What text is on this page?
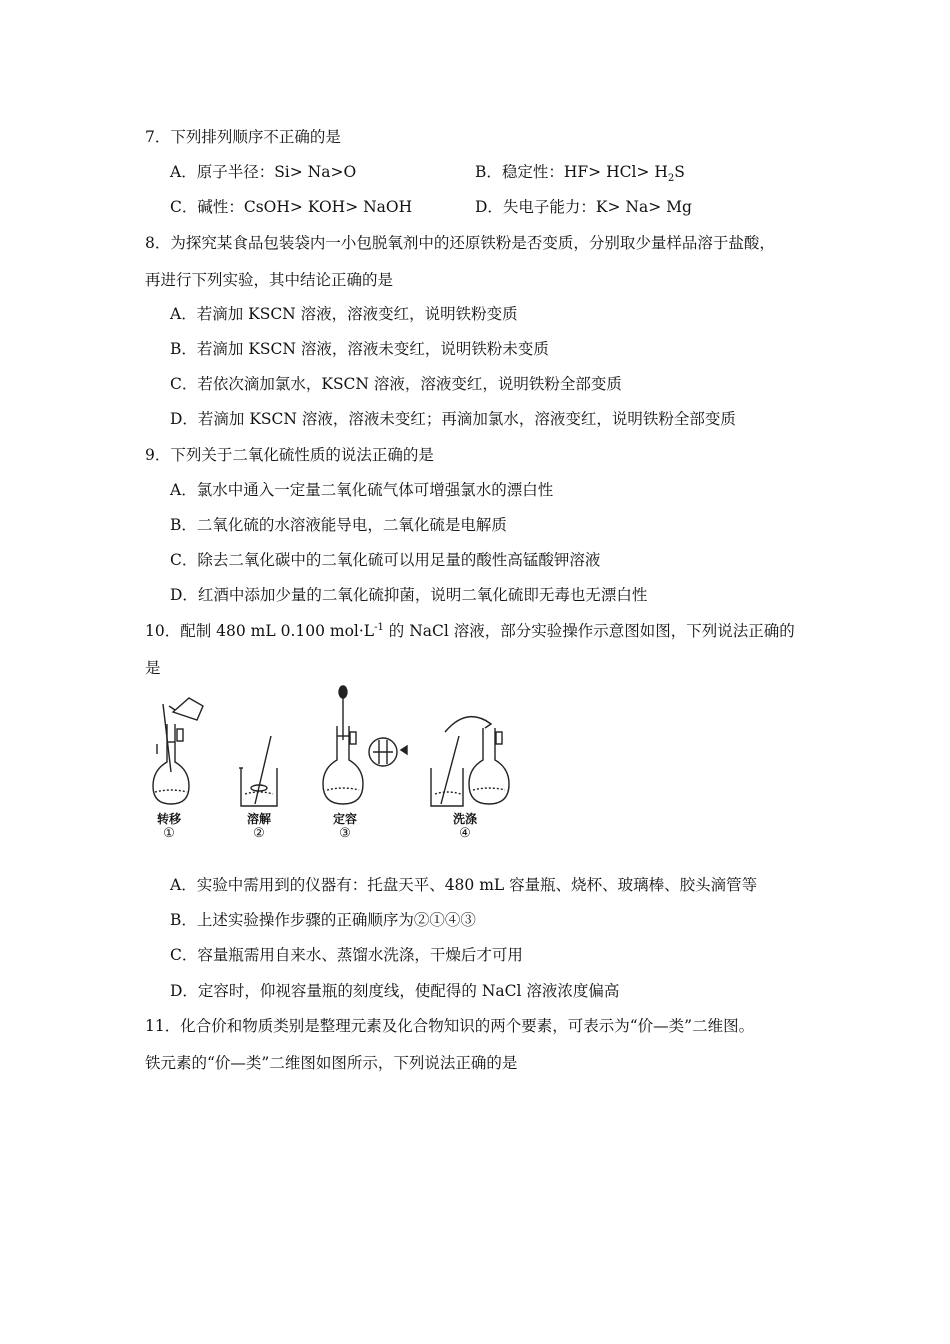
7．下列排列顺序不正确的是
A．原子半径：Si> Na>O	B．稳定性：$HF> HCl> H_2S$
C．碱性：CsOH> KOH> NaOH	D．失电子能力：K> Na> Mg
8．为探究某食品包装袋内一小包脱氧剂中的还原铁粉是否变质，分别取少量样品溶于盐酸，
再进行下列实验，其中结论正确的是
A．若滴加 KSCN 溶液，溶液变红，说明铁粉变质
B．若滴加 KSCN 溶液，溶液未变红，说明铁粉未变质
C．若依次滴加氯水，KSCN 溶液，溶液变红，说明铁粉全部变质
D．若滴加 KSCN 溶液，溶液未变红；再滴加氯水，溶液变红，说明铁粉全部变质
9．下列关于二氧化硫性质的说法正确的是
A．氯水中通入一定量二氧化硫气体可增强氯水的漂白性
B．二氧化硫的水溶液能导电，二氧化硫是电解质
C．除去二氧化碳中的二氧化硫可以用足量的酸性高锰酸钾溶液
D．红酒中添加少量的二氧化硫抑菌，说明二氧化硫即无毒也无漂白性
10．配制 480 mL 0.100 $mol\cdot L^{-1}$ 的 NaCl 溶液，部分实验操作示意图如图，下列说法正确的
是
转移	溶解	定容	洗涤
①	②	③	④
A．实验中需用到的仪器有：托盘天平、480 mL 容量瓶、烧杯、玻璃棒、胶头滴管等
B．上述实验操作步骤的正确顺序为②①④③
C．容量瓶需用自来水、蒸馏水洗涤，干燥后才可用
D．定容时，仰视容量瓶的刻度线，使配得的 NaCl 溶液浓度偏高
11．化合价和物质类别是整理元素及化合物知识的两个要素，可表示为“价—类”二维图。
铁元素的“价—类”二维图如图所示，下列说法正确的是
